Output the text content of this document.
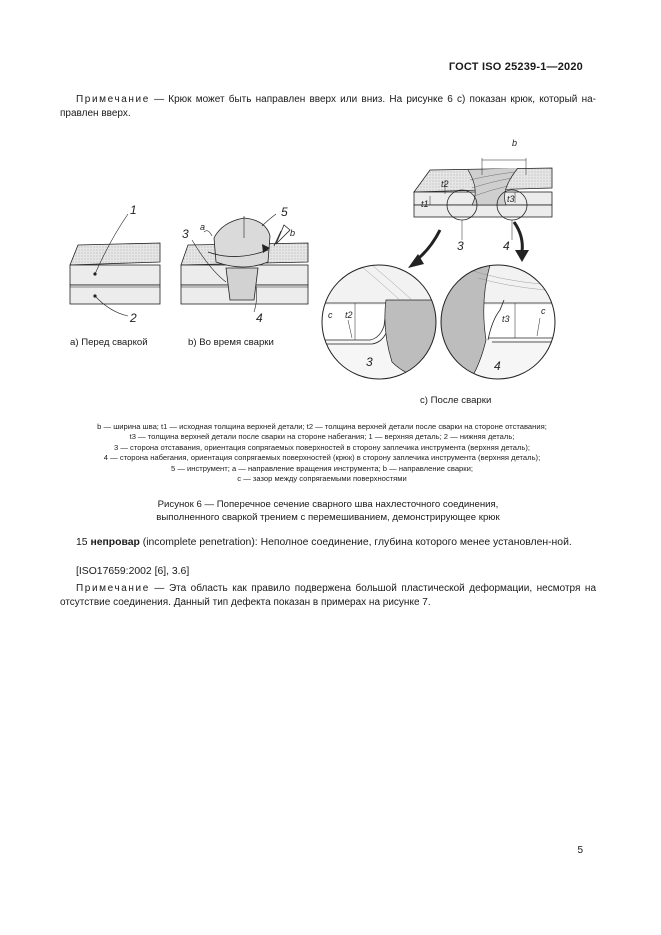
ГОСТ ISO 25239-1—2020
Примечание — Крюк может быть направлен вверх или вниз. На рисунке 6 с) показан крюк, который на-правлен вверх.
1
2
3
4
5
3	4
3	4
a
b
b
t1
t2
t3
c t2	t3
c
а) Перед сваркой	b) Во время сварки
с) После сварки
b — ширина шва; t1 — исходная толщина верхней детали; t2 — толщина верхней детали после сварки на стороне отставания;
t3 — толщина верхней детали после сварки на стороне набегания; 1 — верхняя деталь; 2 — нижняя деталь;
3 — сторона отставания, ориентация сопрягаемых поверхностей в сторону заплечика инструмента (верхняя деталь);
4 — сторона набегания, ориентация сопрягаемых поверхностей (крюк) в сторону заплечика инструмента (верхняя деталь);
5 — инструмент; a — направление вращения инструмента; b — направление сварки;
c — зазор между сопрягаемыми поверхностями
Рисунок 6 — Поперечное сечение сварного шва нахлесточного соединения,
выполненного сваркой трением с перемешиванием, демонстрирующее крюк
15 непровар (incomplete penetration): Неполное соединение, глубина которого менее установлен-ной.
[ISO17659:2002 [6], 3.6]
Примечание — Эта область как правило подвержена большой пластической деформации, несмотря на отсутствие соединения. Данный тип дефекта показан в примерах на рисунке 7.
5
